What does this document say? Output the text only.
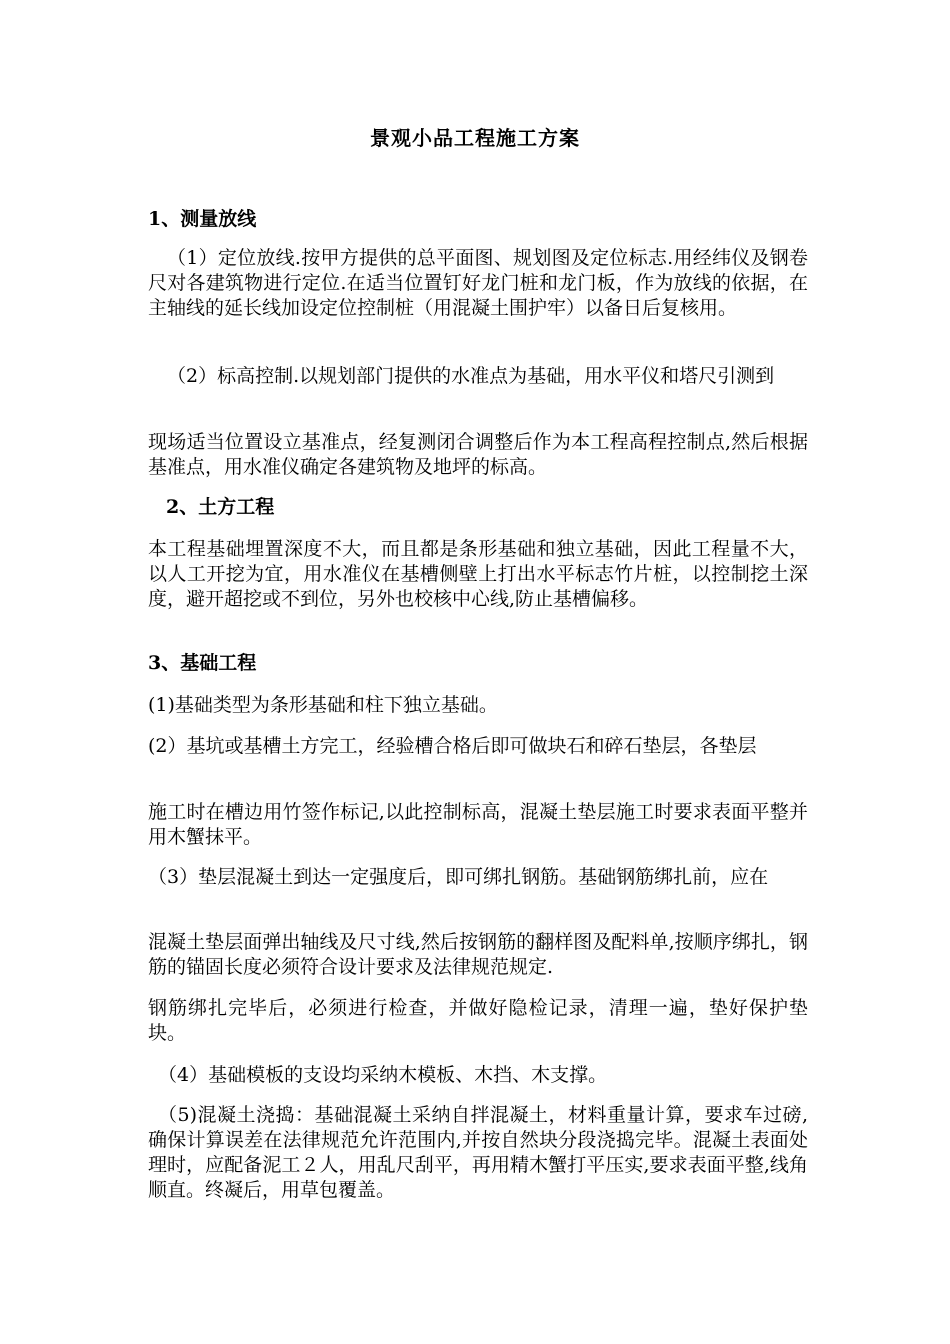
景观小品工程施工方案
1、测量放线

（1）定位放线.按甲方提供的总平面图、规划图及定位标志.用经纬仪及钢卷尺对各建筑物进行定位.在适当位置钉好龙门桩和龙门板，作为放线的依据，在主轴线的延长线加设定位控制桩（用混凝土围护牢）以备日后复核用。

（2）标高控制.以规划部门提供的水准点为基础，用水平仪和塔尺引测到

现场适当位置设立基准点，经复测闭合调整后作为本工程高程控制点,然后根据基准点，用水准仪确定各建筑物及地坪的标高。

2、土方工程

本工程基础埋置深度不大，而且都是条形基础和独立基础，因此工程量不大，以人工开挖为宜，用水准仪在基槽侧壁上打出水平标志竹片桩，以控制挖土深度，避开超挖或不到位，另外也校核中心线,防止基槽偏移。

3、基础工程

(1)基础类型为条形基础和柱下独立基础。

(2）基坑或基槽土方完工，经验槽合格后即可做块石和碎石垫层，各垫层

施工时在槽边用竹签作标记,以此控制标高，混凝土垫层施工时要求表面平整并用木蟹抹平。

（3）垫层混凝土到达一定强度后，即可绑扎钢筋。基础钢筋绑扎前，应在

混凝土垫层面弹出轴线及尺寸线,然后按钢筋的翻样图及配料单,按顺序绑扎，钢筋的锚固长度必须符合设计要求及法律规范规定.

钢筋绑扎完毕后，必须进行检查，并做好隐检记录，清理一遍，垫好保护垫块。

（4）基础模板的支设均采纳木模板、木挡、木支撑。

（5)混凝土浇捣：基础混凝土采纳自拌混凝土，材料重量计算，要求车过磅,确保计算误差在法律规范允许范围内,并按自然块分段浇捣完毕。混凝土表面处理时，应配备泥工２人，用乱尺刮平，再用精木蟹打平压实,要求表面平整,线角顺直。终凝后，用草包覆盖。
